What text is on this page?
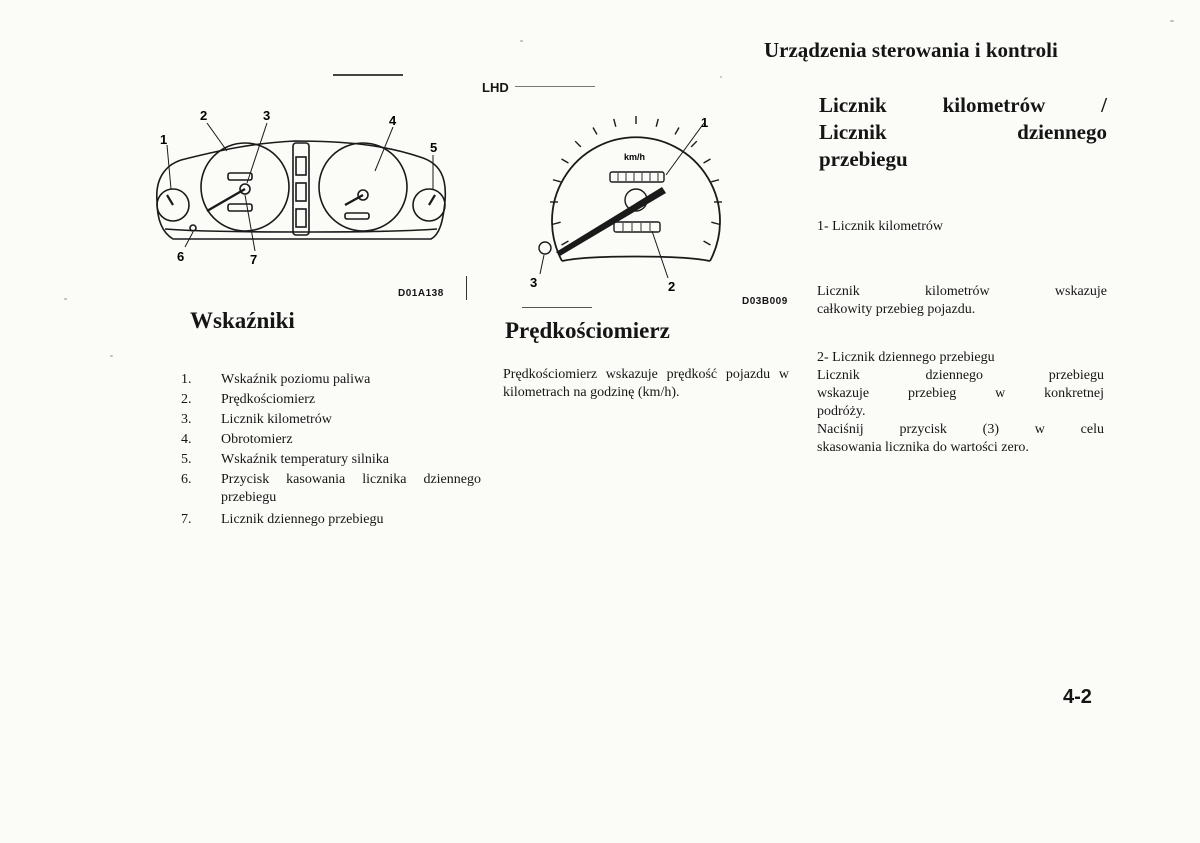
Urządzenia sterowania i kontroli
LHD
1
2	3	4
5
6	7
D01A138
km/h
1
2
3
D03B009
Wskaźniki
1.	Wskaźnik poziomu paliwa
2.	Prędkościomierz
3.	Licznik kilometrów
4.	Obrotomierz
5.	Wskaźnik temperatury silnika
6.	Przycisk kasowania licznika dziennego przebiegu
7.	Licznik dziennego przebiegu
Prędkościomierz
Prędkościomierz wskazuje prędkość pojazdu w kilometrach na godzinę (km/h).
Licznik kilometrów /
Licznik dziennego
przebiegu
1- Licznik kilometrów
Licznik kilometrów wskazuje
całkowity przebieg pojazdu.
2- Licznik dziennego przebiegu
Licznik dziennego przebiegu
wskazuje przebieg w konkretnej
podróży.
Naciśnij przycisk (3) w celu
skasowania licznika do wartości zero.
4-2
